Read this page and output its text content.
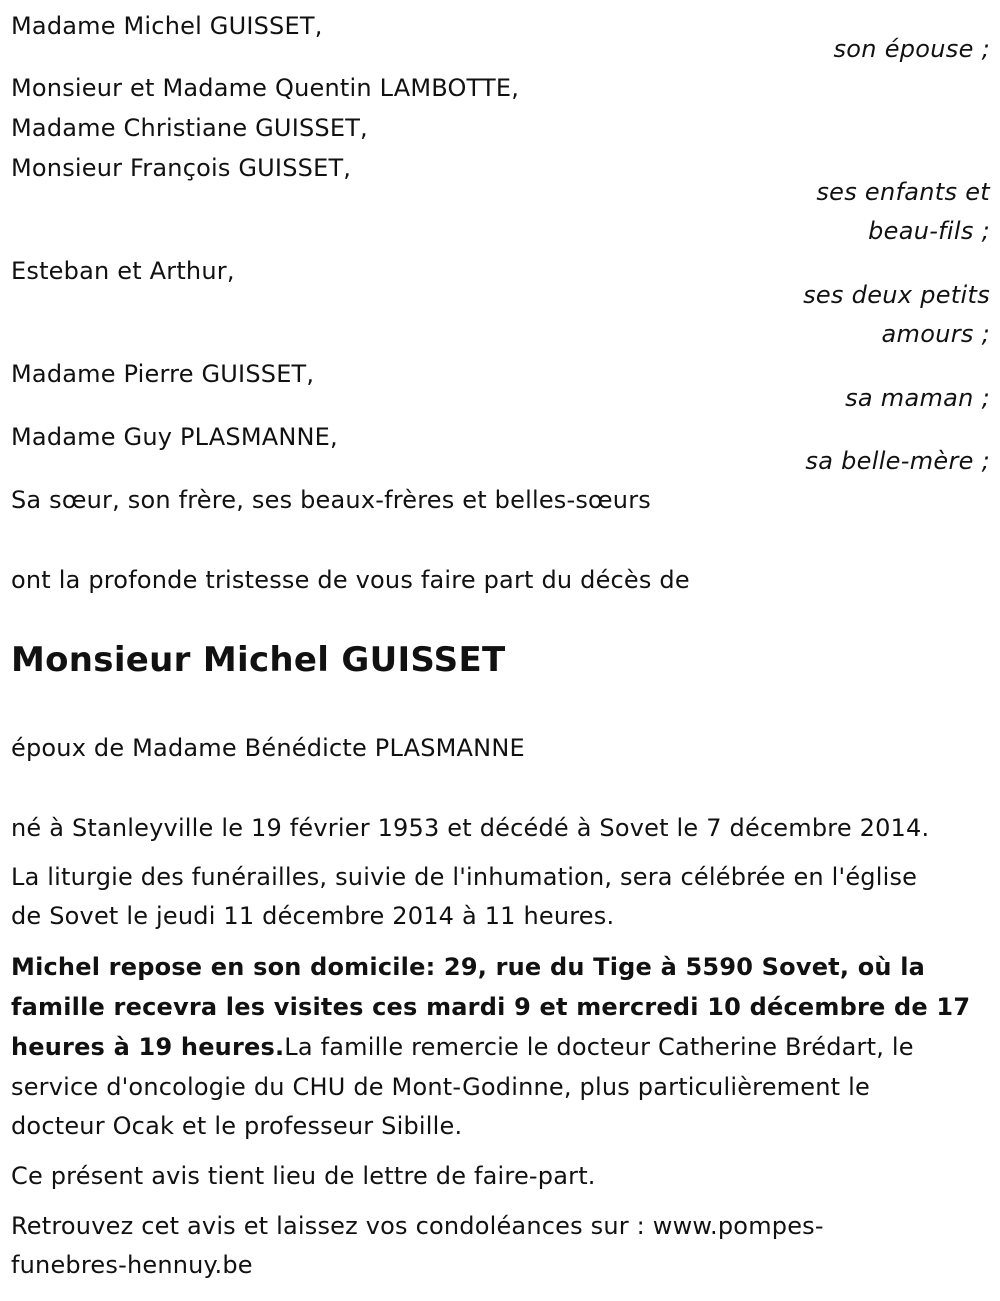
Madame Michel GUISSET,
son épouse ;
Monsieur et Madame Quentin LAMBOTTE,
Madame Christiane GUISSET,
Monsieur François GUISSET,
ses enfants et
beau-fils ;
Esteban et Arthur,
ses deux petits
amours ;
Madame Pierre GUISSET,
sa maman ;
Madame Guy PLASMANNE,
sa belle-mère ;
Sa sœur, son frère, ses beaux-frères et belles-sœurs
ont la profonde tristesse de vous faire part du décès de
Monsieur Michel GUISSET
époux de Madame Bénédicte PLASMANNE
né à Stanleyville le 19 février 1953 et décédé à Sovet le 7 décembre 2014.
La liturgie des funérailles, suivie de l'inhumation, sera célébrée en l'église
de Sovet le jeudi 11 décembre 2014 à 11 heures.
Michel repose en son domicile: 29, rue du Tige à 5590 Sovet, où la
famille recevra les visites ces mardi 9 et mercredi 10 décembre de 17
heures à 19 heures.La famille remercie le docteur Catherine Brédart, le
service d'oncologie du CHU de Mont-Godinne, plus particulièrement le
docteur Ocak et le professeur Sibille.
Ce présent avis tient lieu de lettre de faire-part.
Retrouvez cet avis et laissez vos condoléances sur : www.pompes-
funebres-hennuy.be
